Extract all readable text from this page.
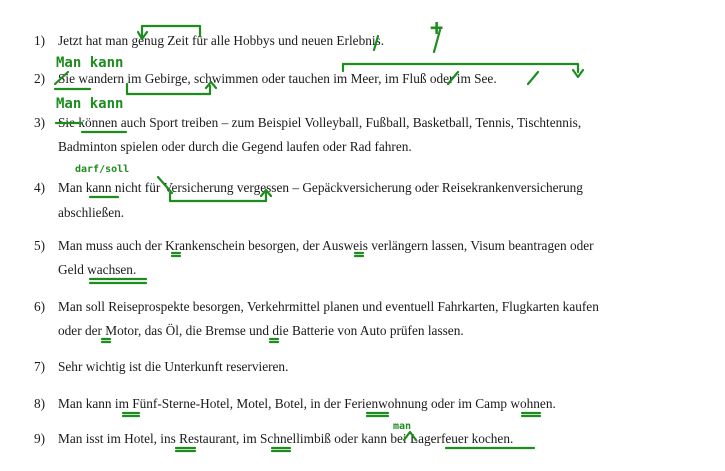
1) Jetzt hat man genug Zeit für alle Hobbys und neuen Erlebnis.
Man kann
2) Sie wandern im Gebirge, schwimmen oder tauchen im Meer, im Fluß oder im See.
Man kann
3) Sie können auch Sport treiben – zum Beispiel Volleyball, Fußball, Basketball, Tennis, Tischtennis,
Badminton spielen oder durch die Gegend laufen oder Rad fahren.
darf/soll
4) Man kann nicht für Versicherung vergessen – Gepäckversicherung oder Reisekrankenversicherung
abschließen.
5) Man muss auch der Krankenschein besorgen, der Ausweis verlängern lassen, Visum beantragen oder
Geld wachsen.
6) Man soll Reiseprospekte besorgen, Verkehrmittel planen und eventuell Fahrkarten, Flugkarten kaufen
oder der Motor, das Öl, die Bremse und die Batterie von Auto prüfen lassen.
7) Sehr wichtig ist die Unterkunft reservieren.
8) Man kann im Fünf-Sterne-Hotel, Motel, Botel, in der Ferienwohnung oder im Camp wohnen.
man
9) Man isst im Hotel, ins Restaurant, im Schnellimbiß oder kann bei Lagerfeuer kochen.
+
